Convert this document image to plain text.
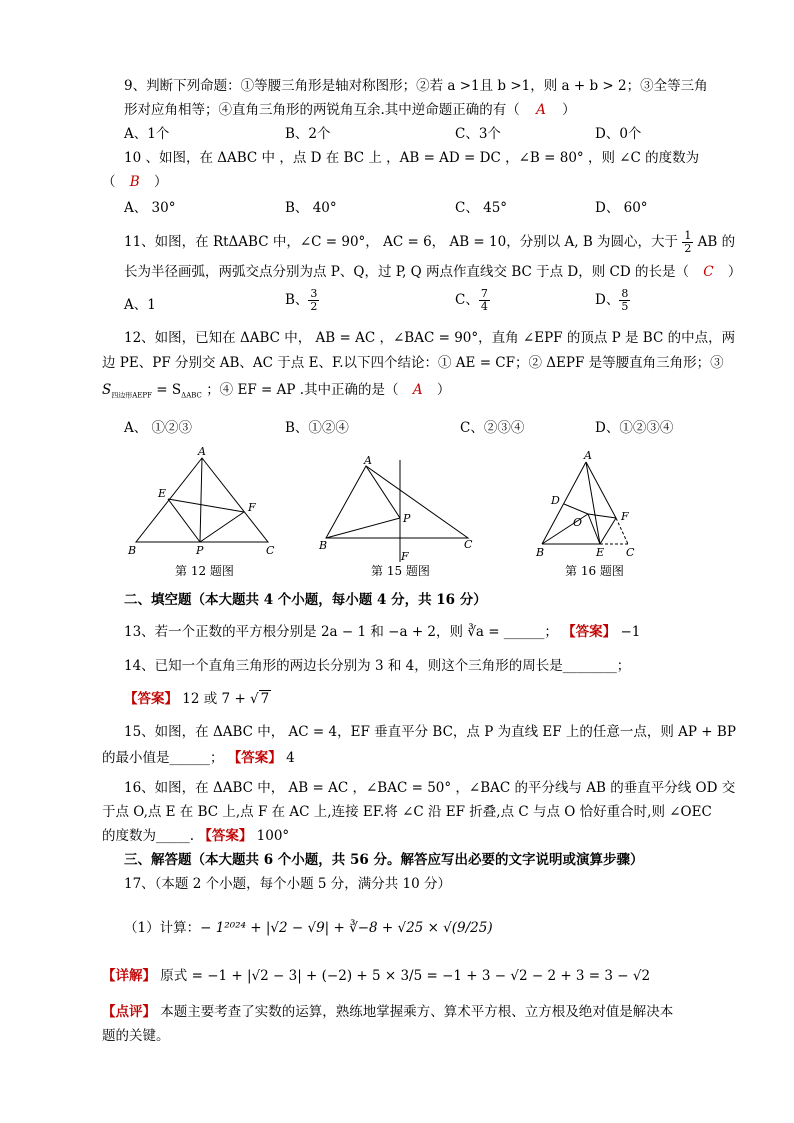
9、判断下列命题：①等腰三角形是轴对称图形；②若 a >1且 b >1，则 a + b > 2；③全等三角
形对应角相等；④直角三角形的两锐角互余.其中逆命题正确的有（ A ）
A、1个	B、2个	C、3个	D、0个
10 、如图，在 ΔABC 中 ，点 D 在 BC 上 ，AB = AD = DC ，∠B = 80° ，则 ∠C 的度数为
（ B ）
A、 30°	B、 40°	C、 45°	D、 60°
11、如图，在 RtΔABC 中，∠C = 90°， AC = 6， AB = 10，分别以 A, B 为圆心，大于 $\frac{1}{2}$ AB 的
长为半径画弧，两弧交点分别为点 P、Q，过 P, Q 两点作直线交 BC 于点 D，则 CD 的长是（ C ）
A、1	B、 $\frac{3}{2}$	C、 $\frac{7}{4}$	D、 $\frac{8}{5}$
12、如图，已知在 ΔABC 中， AB = AC ，∠BAC = 90°，直角 ∠EPF 的顶点 P 是 BC 的中点，两
边 PE、PF 分别交 AB、AC 于点 E、F.以下四个结论：① AE = CF；② ΔEPF 是等腰直角三角形；③
$S_{四边形AEPF} = S_{\Delta ABC}$ ；④ EF = AP .其中正确的是（ A ）
A、 ①②③	B、①②④	C、②③④	D、①②③④
A
E
F
B	P	C
第 12 题图
A
P
B	C
F
第 15 题图
A
D
O	F
B	E C
第 16 题图
二、填空题（本大题共 4 个小题，每小题 4 分，共 16 分）
13、若一个正数的平方根分别是 2a − 1 和 −a + 2，则 ∛a = ______； 【答案】 −1
14、已知一个直角三角形的两边长分别为 3 和 4，则这个三角形的周长是________；
【答案】 12 或 7 + √ 7
15、如图，在 ΔABC 中， AC = 4，EF 垂直平分 BC，点 P 为直线 EF 上的任意一点，则 AP + BP
的最小值是______； 【答案】 4
16、如图，在 ΔABC 中， AB = AC ，∠BAC = 50° ，∠BAC 的平分线与 AB 的垂直平分线 OD 交
于点 O,点 E 在 BC 上,点 F 在 AC 上,连接 EF.将 ∠C 沿 EF 折叠,点 C 与点 O 恰好重合时,则 ∠OEC
的度数为_____. 【答案】 100°
三、解答题（本大题共 6 个小题，共 56 分。解答应写出必要的文字说明或演算步骤）
17、（本题 2 个小题，每个小题 5 分，满分共 10 分）
（1）计算：− 1²⁰²⁴ + |√2 − √9| + ∛−8 + √25 × √(9/25)
【详解】 原式 = −1 + |√2 − 3| + (−2) + 5 × 3/5 = −1 + 3 − √2 − 2 + 3 = 3 − √2
【点评】 本题主要考查了实数的运算，熟练地掌握乘方、算术平方根、立方根及绝对值是解决本
题的关键。
